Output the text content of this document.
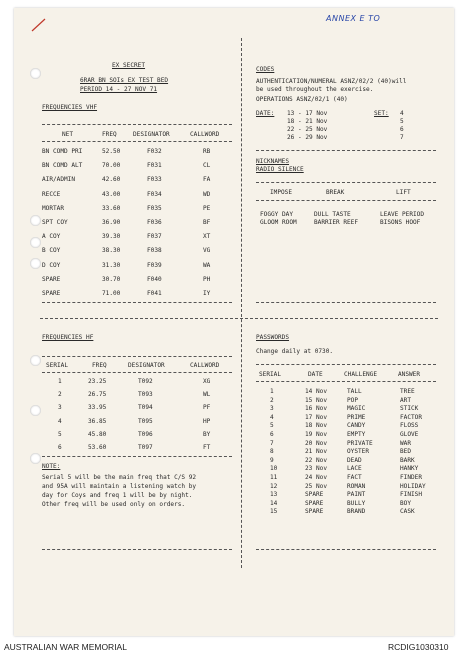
ANNEX E TO
EX SECRET
6RAR BN SOIs EX TEST BED
PERIOD 14 - 27 NOV 71
FREQUENCIES VHF
NET	FREQ	DESIGNATOR	CALLWORD
BN COMD PRI	52.50	F032	RB
BN COMD ALT	70.00	F031	CL
AIR/ADMIN	42.60	F033	FA
RECCE	43.00	F034	WD
MORTAR	33.60	F035	PE
SPT COY	36.90	F036	BF
A COY	39.30	F037	XT
B COY	38.30	F038	VG
D COY	31.30	F039	WA
SPARE	30.70	F040	PH
SPARE	71.00	F041	IY
CODES
AUTHENTICATION/NUMERAL ASNZ/02/2 (40)will
be used throughout the exercise.
OPERATIONS ASNZ/02/1 (40)
DATE:	SET:
13 - 17 Nov	4
18 - 21 Nov	5
22 - 25 Nov	6
26 - 29 Nov	7
NICKNAMES
RADIO SILENCE
IMPOSE	BREAK	LIFT
FOGGY DAY	DULL TASTE	LEAVE PERIOD
GLOOM ROOM	BARRIER REEF	BISONS HOOF
FREQUENCIES HF
SERIAL	FREQ	DESIGNATOR	CALLWORD
1	23.25	T092	XG
2	26.75	T093	WL
3	33.95	T094	PF
4	36.85	T095	HP
5	45.80	T096	BY
6	53.60	T097	FT
NOTE:
Serial 5 will be the main freq that C/S 92
and 95A will maintain a listening watch by
day for Coys and freq 1 will be by night.
Other freq will be used only on orders.
PASSWORDS
Change daily at 0730.
SERIAL	DATE	CHALLENGE	ANSWER
1	14 Nov	TALL	TREE
2	15 Nov	POP	ART
3	16 Nov	MAGIC	STICK
4	17 Nov	PRIME	FACTOR
5	18 Nov	CANDY	FLOSS
6	19 Nov	EMPTY	GLOVE
7	20 Nov	PRIVATE	WAR
8	21 Nov	OYSTER	BED
9	22 Nov	DEAD	BARK
10	23 Nov	LACE	HANKY
11	24 Nov	FACT	FINDER
12	25 Nov	ROMAN	HOLIDAY
13	SPARE	PAINT	FINISH
14	SPARE	BULLY	BOY
15	SPARE	BRAND	CASK
AUSTRALIAN WAR MEMORIAL	RCDIG1030310
